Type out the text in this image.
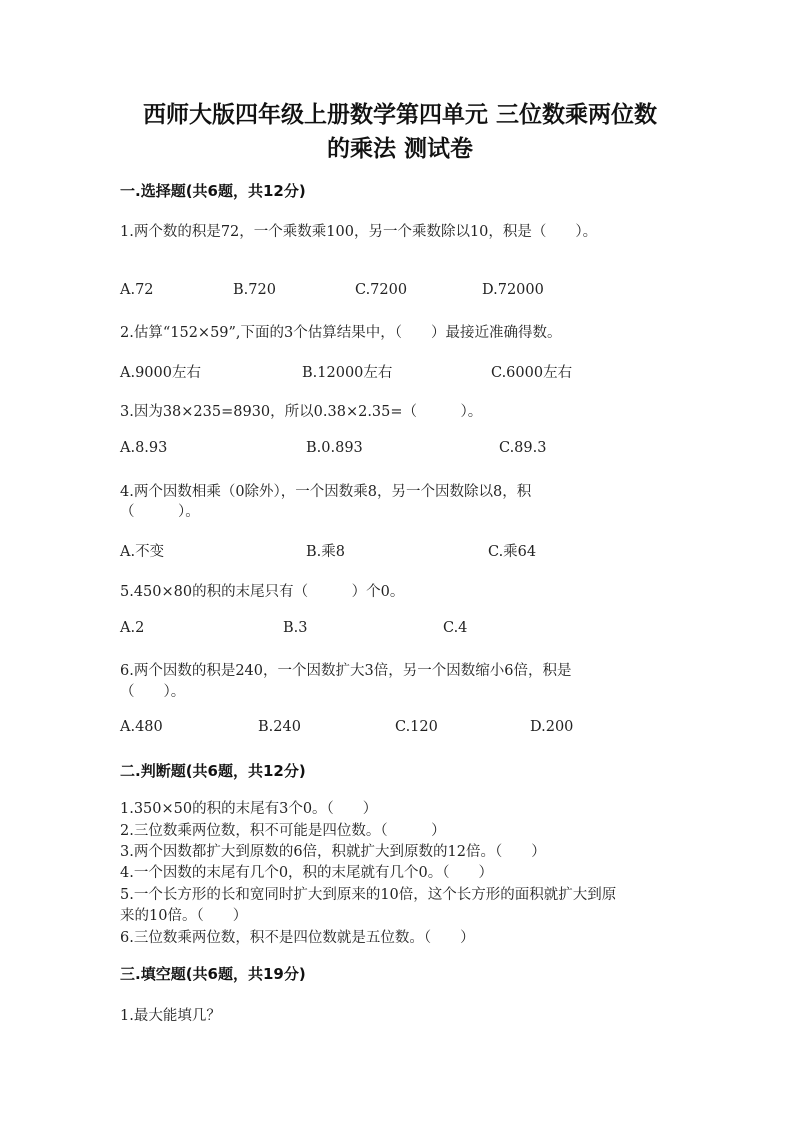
西师大版四年级上册数学第四单元 三位数乘两位数
的乘法 测试卷
一.选择题(共6题，共12分)
1.两个数的积是72，一个乘数乘100，另一个乘数除以10，积是（　　）。
A.72	B.720	C.7200	D.72000
2.估算“152×59”,下面的3个估算结果中，（　　）最接近准确得数。
A.9000左右	B.12000左右	C.6000左右
3.因为38×235=8930，所以0.38×2.35=（　　　）。
A.8.93	B.0.893	C.89.3
4.两个因数相乘（0除外），一个因数乘8，另一个因数除以8，积
（　　　）。
A.不变	B.乘8	C.乘64
5.450×80的积的末尾只有（　　　）个0。
A.2	B.3	C.4
6.两个因数的积是240，一个因数扩大3倍，另一个因数缩小6倍，积是
（　　）。
A.480	B.240	C.120	D.200
二.判断题(共6题，共12分)
1.350×50的积的末尾有3个0。（　　）
2.三位数乘两位数，积不可能是四位数。（　　　）
3.两个因数都扩大到原数的6倍，积就扩大到原数的12倍。（　　）
4.一个因数的末尾有几个0，积的末尾就有几个0。（　　）
5.一个长方形的长和宽同时扩大到原来的10倍，这个长方形的面积就扩大到原
来的10倍。（　　）
6.三位数乘两位数，积不是四位数就是五位数。（　　）
三.填空题(共6题，共19分)
1.最大能填几？
